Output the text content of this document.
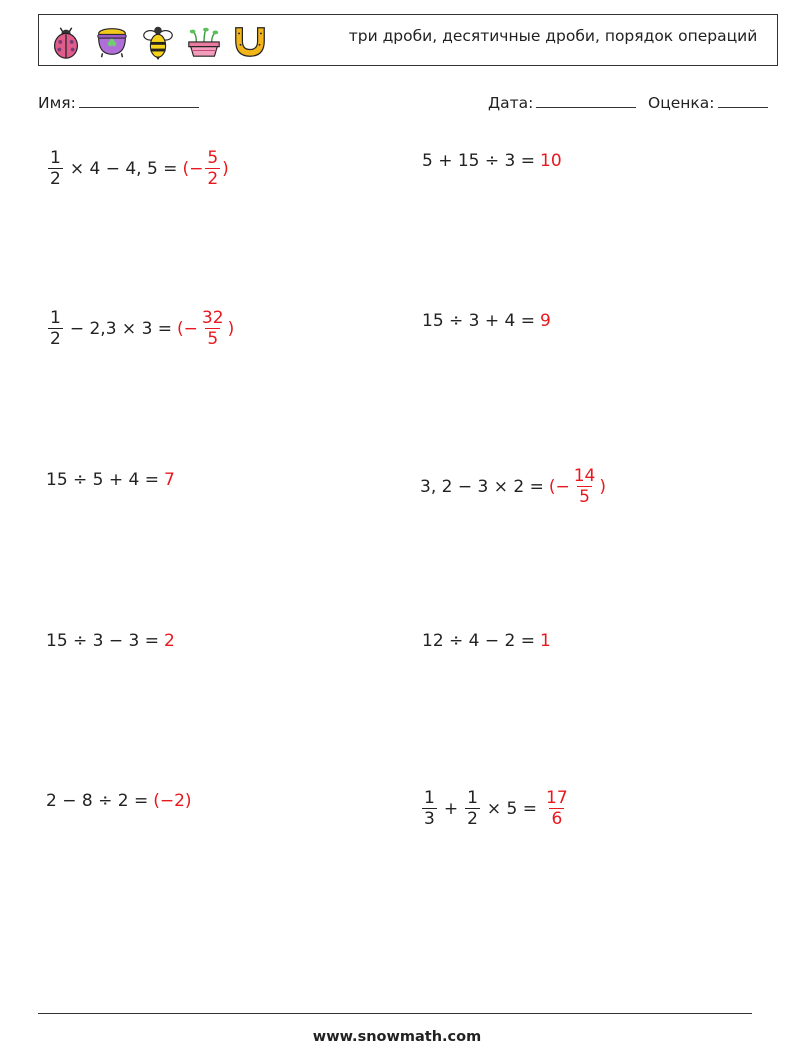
три дроби, десятичные дроби, порядок операций
Имя:	Дата:	Оценка:
$\frac{1}{2} \times 4 - 4$, 5 = (− $\frac{5}{2}$ )	5 + 15 ÷ 3 = 10
$\frac{1}{2} - 2,3 \times 3$ = (− $\frac{32}{5}$ )	15 ÷ 3 + 4 = 9
15 ÷ 5 + 4 = 7	3, 2 − 3 × 2 = (− $\frac{14}{5}$ )
15 ÷ 3 − 3 = 2	12 ÷ 4 − 2 = 1
2 − 8 ÷ 2 = (−2)	$\frac{1}{3} + \frac{1}{2} \times 5 = \frac{17}{6}$
www.snowmath.com
